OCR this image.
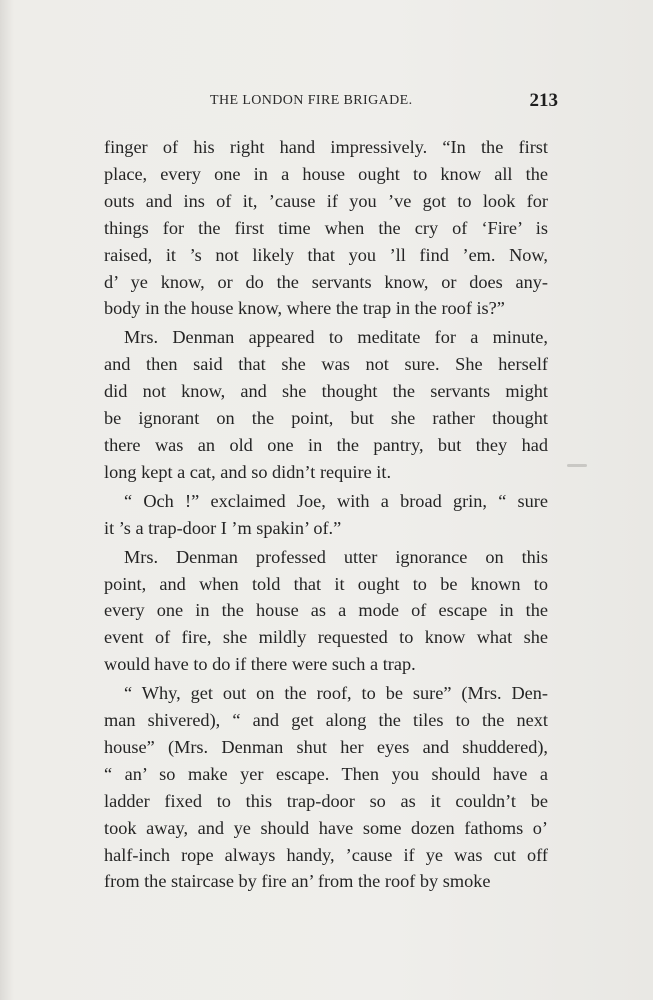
THE LONDON FIRE BRIGADE.	213
finger of his right hand impressively. “In the first
place, every one in a house ought to know all the
outs and ins of it, ’cause if you ’ve got to look for
things for the first time when the cry of ‘Fire’ is
raised, it ’s not likely that you ’ll find ’em. Now,
d’ ye know, or do the servants know, or does any-
body in the house know, where the trap in the roof is?”
Mrs. Denman appeared to meditate for a minute,
and then said that she was not sure. She herself
did not know, and she thought the servants might
be ignorant on the point, but she rather thought
there was an old one in the pantry, but they had
long kept a cat, and so didn’t require it.
“ Och !” exclaimed Joe, with a broad grin, “ sure
it ’s a trap-door I ’m spakin’ of.”
Mrs. Denman professed utter ignorance on this
point, and when told that it ought to be known to
every one in the house as a mode of escape in the
event of fire, she mildly requested to know what she
would have to do if there were such a trap.
“ Why, get out on the roof, to be sure” (Mrs. Den-
man shivered), “ and get along the tiles to the next
house” (Mrs. Denman shut her eyes and shuddered),
“ an’ so make yer escape. Then you should have a
ladder fixed to this trap-door so as it couldn’t be
took away, and ye should have some dozen fathoms o’
half-inch rope always handy, ’cause if ye was cut off
from the staircase by fire an’ from the roof by smoke
